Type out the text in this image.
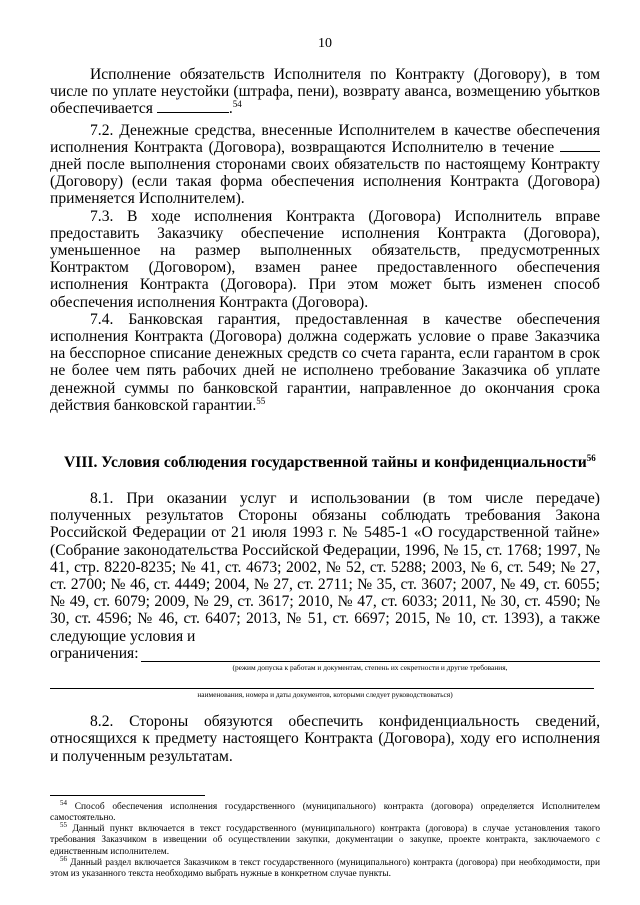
10

Исполнение обязательств Исполнителя по Контракту (Договору), в том числе по уплате неустойки (штрафа, пени), возврату аванса, возмещению убытков обеспечивается	.$^{54}$

7.2. Денежные средства, внесенные Исполнителем в качестве обеспечения исполнения Контракта (Договора), возвращаются Исполнителю в течение  дней после выполнения сторонами своих обязательств по настоящему Контракту (Договору) (если такая форма обеспечения исполнения Контракта (Договора) применяется Исполнителем).

7.3. В ходе исполнения Контракта (Договора) Исполнитель вправе предоставить Заказчику обеспечение исполнения Контракта (Договора), уменьшенное на размер выполненных обязательств, предусмотренных Контрактом (Договором), взамен ранее предоставленного обеспечения исполнения Контракта (Договора). При этом может быть изменен способ обеспечения исполнения Контракта (Договора).

7.4. Банковская гарантия, предоставленная в качестве обеспечения исполнения Контракта (Договора) должна содержать условие о праве Заказчика на бесспорное списание денежных средств со счета гаранта, если гарантом в срок не более чем пять рабочих дней не исполнено требование Заказчика об уплате денежной суммы по банковской гарантии, направленное до окончания срока действия банковской гарантии.$^{55}$

VIII. Условия соблюдения государственной тайны и конфиденциальности$^{56}$

8.1. При оказании услуг и использовании (в том числе передаче) полученных результатов Стороны обязаны соблюдать требования Закона Российской Федерации от 21 июля 1993 г. № 5485-1 «О государственной тайне» (Собрание законодательства Российской Федерации, 1996, № 15, ст. 1768; 1997, № 41, стр. 8220-8235; № 41, ст. 4673; 2002, № 52, ст. 5288; 2003, № 6, ст. 549; № 27, ст. 2700; № 46, ст. 4449; 2004, № 27, ст. 2711; № 35, ст. 3607; 2007, № 49, ст. 6055; № 49, ст. 6079; 2009, № 29, ст. 3617; 2010, № 47, ст. 6033; 2011, № 30, ст. 4590; № 30, ст. 4596; № 46, ст. 6407; 2013, № 51, ст. 6697; 2015, № 10, ст. 1393), а также следующие условия и

ограничения:
(режим допуска к работам и документам, степень их секретности и другие требования,
наименования, номера и даты документов, которыми следует руководствоваться)

8.2. Стороны обязуются обеспечить конфиденциальность сведений, относящихся к предмету настоящего Контракта (Договора), ходу его исполнения и полученным результатам.

$^{54}$ Способ обеспечения исполнения государственного (муниципального) контракта (договора) определяется Исполнителем самостоятельно.
$^{55}$ Данный пункт включается в текст государственного (муниципального) контракта (договора) в случае установления такого требования Заказчиком в извещении об осуществлении закупки, документации о закупке, проекте контракта, заключаемого с единственным исполнителем.
$^{56}$ Данный раздел включается Заказчиком в текст государственного (муниципального) контракта (договора) при необходимости, при этом из указанного текста необходимо выбрать нужные в конкретном случае пункты.
